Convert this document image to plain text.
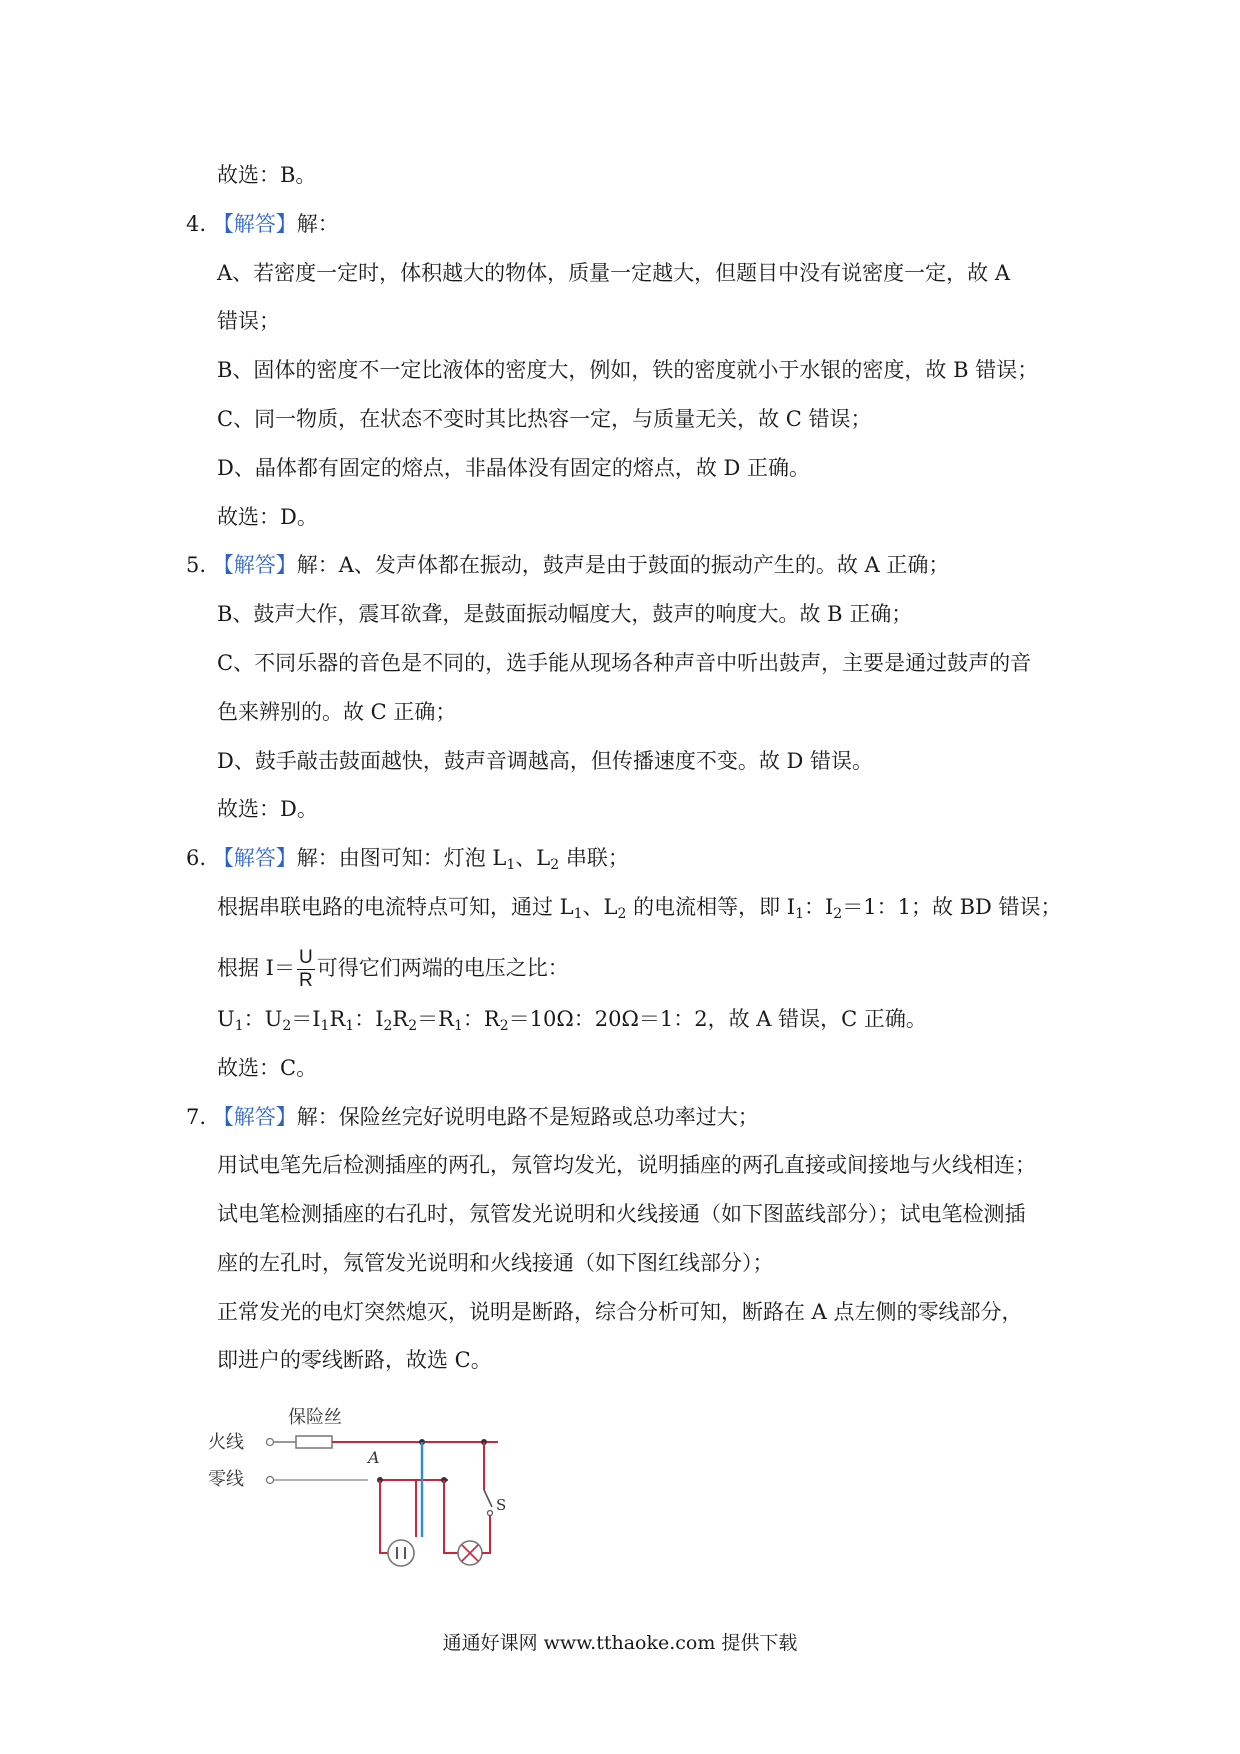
故选：B。
4. 【解答】解：
A、若密度一定时，体积越大的物体，质量一定越大，但题目中没有说密度一定，故 A
错误；
B、固体的密度不一定比液体的密度大，例如，铁的密度就小于水银的密度，故 B 错误；
C、同一物质，在状态不变时其比热容一定，与质量无关，故 C 错误；
D、晶体都有固定的熔点，非晶体没有固定的熔点，故 D 正确。
故选：D。
5. 【解答】解：A、发声体都在振动，鼓声是由于鼓面的振动产生的。故 A 正确；
B、鼓声大作，震耳欲聋，是鼓面振动幅度大，鼓声的响度大。故 B 正确；
C、不同乐器的音色是不同的，选手能从现场各种声音中听出鼓声，主要是通过鼓声的音
色来辨别的。故 C 正确；
D、鼓手敲击鼓面越快，鼓声音调越高，但传播速度不变。故 D 错误。
故选：D。
6. 【解答】解：由图可知：灯泡 $L_1$、$L_2$ 串联；
根据串联电路的电流特点可知，通过 $L_1$、$L_2$ 的电流相等，即 $I_1$：$I_2=1$：1；故 BD 错误；
根据 $I= \frac{U}{R}$ 可得它们两端的电压之比：
$U_1$：$U_2=I_1R_1$：$I_2R_2=R_1$：$R_2=10\Omega$：20Ω＝1：2，故 A 错误，C 正确。
故选：C。
7. 【解答】解：保险丝完好说明电路不是短路或总功率过大；
用试电笔先后检测插座的两孔，氖管均发光，说明插座的两孔直接或间接地与火线相连；
试电笔检测插座的右孔时，氖管发光说明和火线接通（如下图蓝线部分）；试电笔检测插
座的左孔时，氖管发光说明和火线接通（如下图红线部分）；
正常发光的电灯突然熄灭，说明是断路，综合分析可知，断路在 A 点左侧的零线部分，
即进户的零线断路，故选 C。
火线
零线
保险丝
A
S
通通好课网 www.tthaoke.com 提供下载
